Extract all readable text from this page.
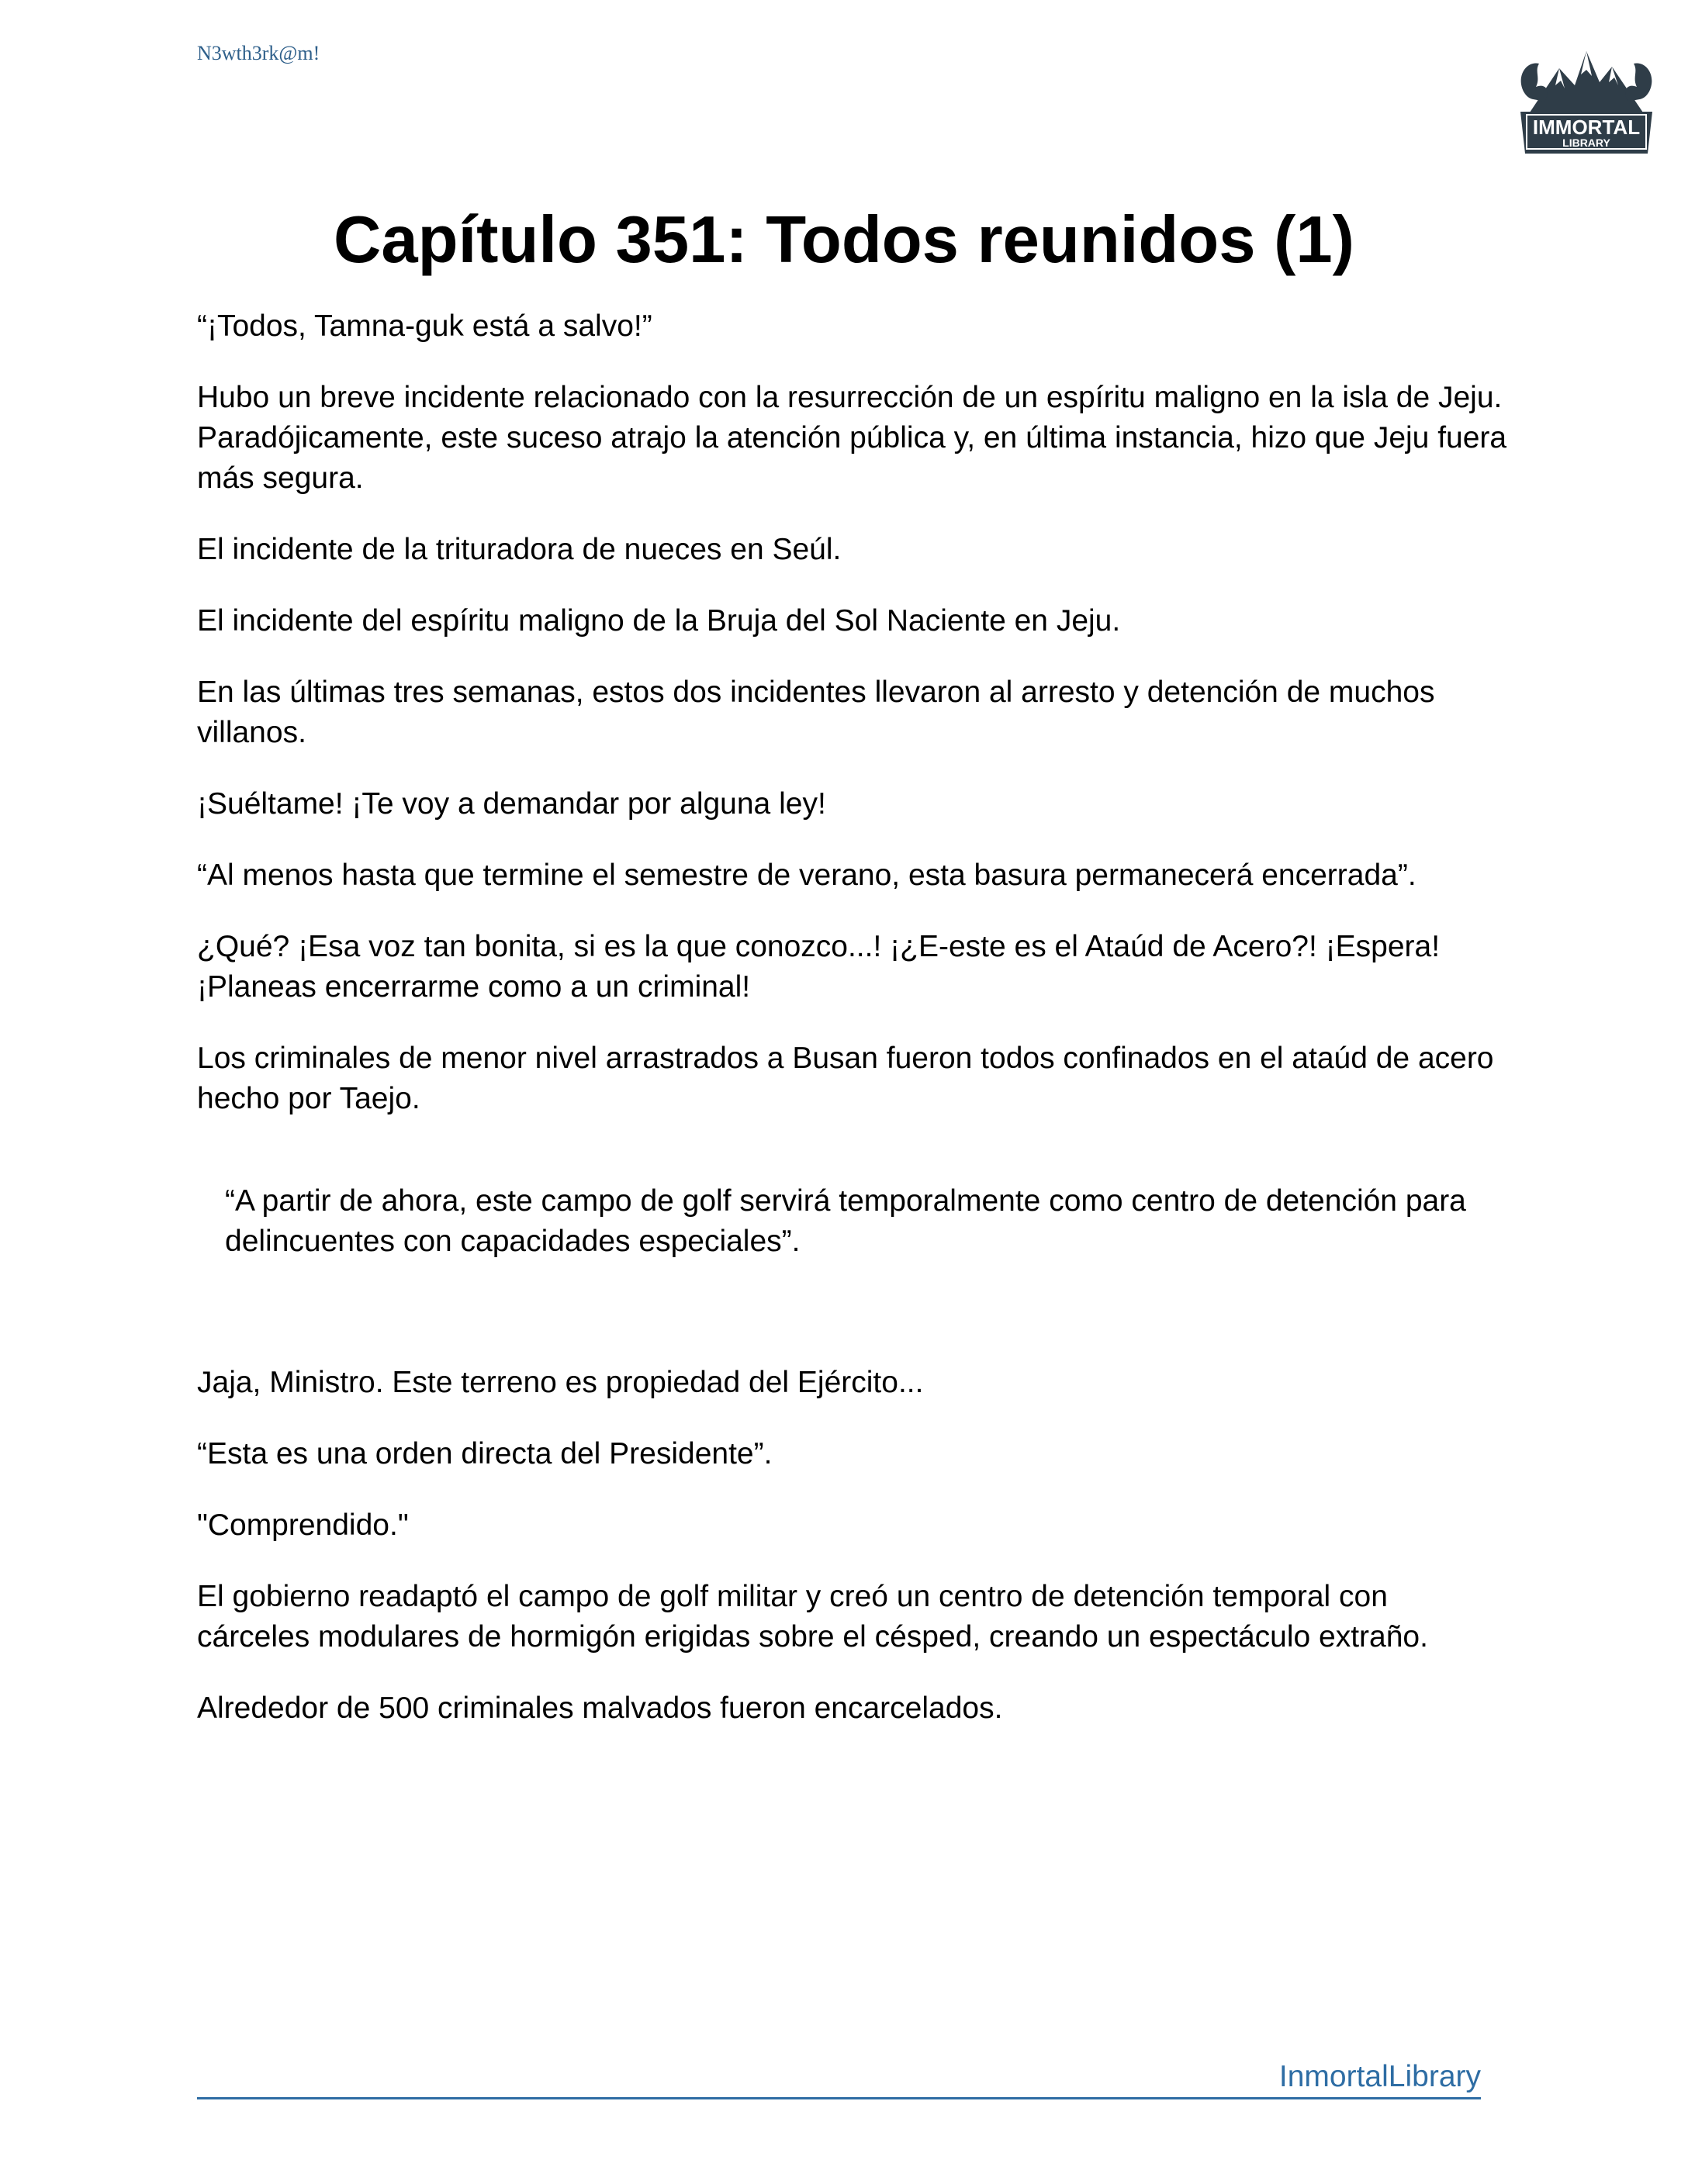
N3wth3rk@m!
IMMORTAL
LIBRARY
Capítulo 351: Todos reunidos (1)

“¡Todos, Tamna-guk está a salvo!”

Hubo un breve incidente relacionado con la resurrección de un espíritu maligno en la isla de Jeju. Paradójicamente, este suceso atrajo la atención pública y, en última instancia, hizo que Jeju fuera más segura.

El incidente de la trituradora de nueces en Seúl.

El incidente del espíritu maligno de la Bruja del Sol Naciente en Jeju.

En las últimas tres semanas, estos dos incidentes llevaron al arresto y detención de muchos villanos.

¡Suéltame! ¡Te voy a demandar por alguna ley!

“Al menos hasta que termine el semestre de verano, esta basura permanecerá encerrada”.

¿Qué? ¡Esa voz tan bonita, si es la que conozco...! ¡¿E-este es el Ataúd de Acero?! ¡Espera! ¡Planeas encerrarme como a un criminal!

Los criminales de menor nivel arrastrados a Busan fueron todos confinados en el ataúd de acero hecho por Taejo.

“A partir de ahora, este campo de golf servirá temporalmente como centro de detención para delincuentes con capacidades especiales”.

Jaja, Ministro. Este terreno es propiedad del Ejército...

“Esta es una orden directa del Presidente”.

"Comprendido."

El gobierno readaptó el campo de golf militar y creó un centro de detención temporal con cárceles modulares de hormigón erigidas sobre el césped, creando un espectáculo extraño.

Alrededor de 500 criminales malvados fueron encarcelados.

InmortalLibrary
